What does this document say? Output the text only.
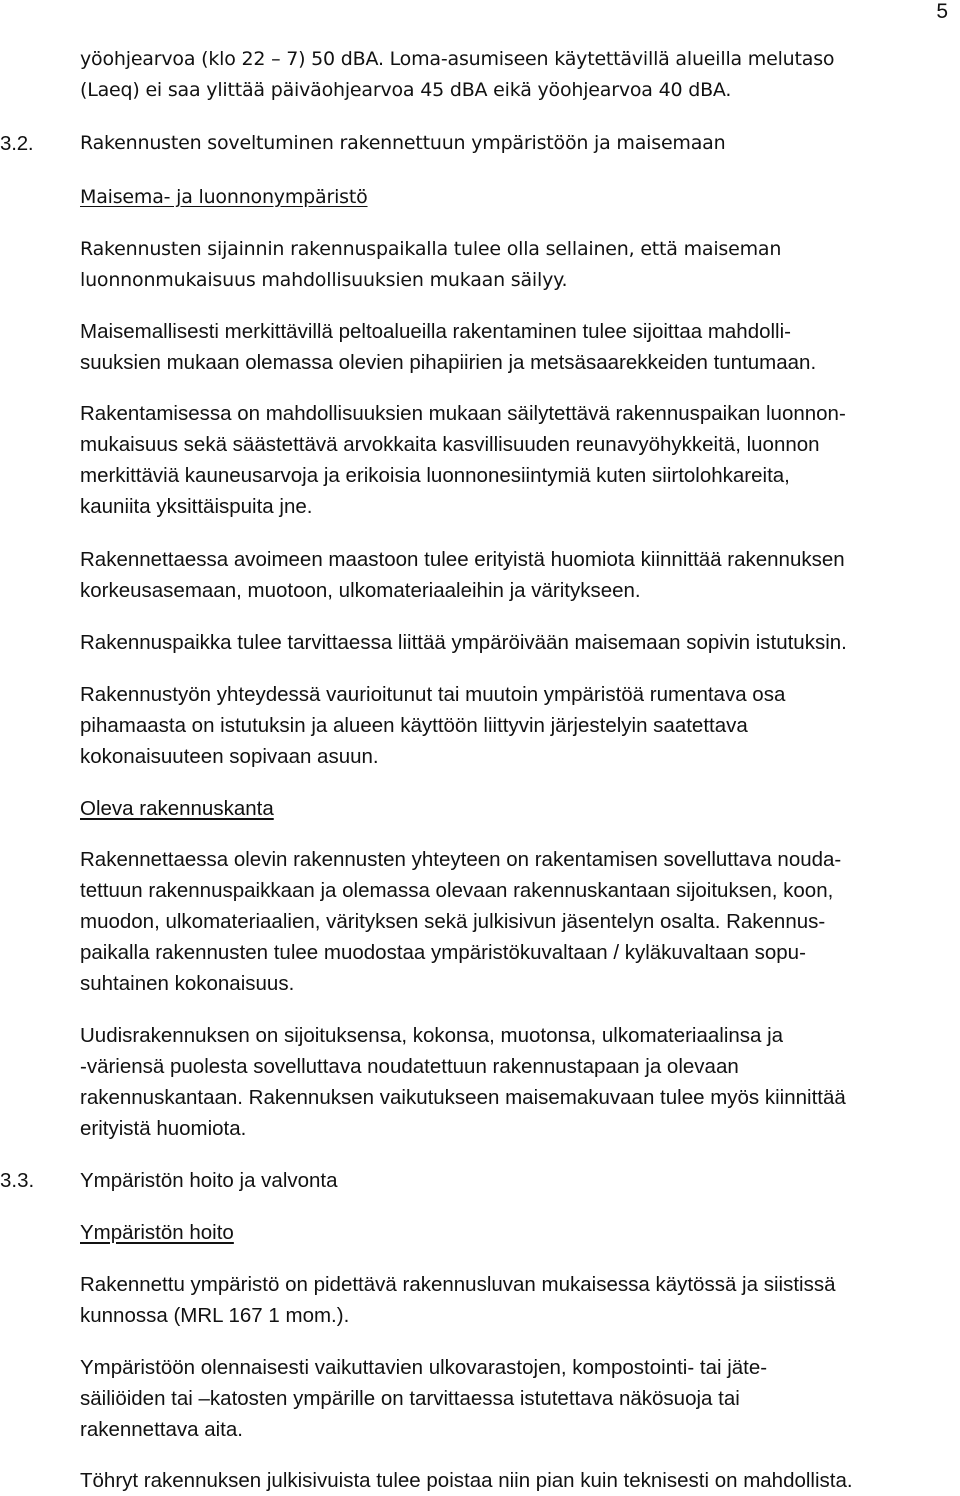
5
yöohjearvoa (klo 22 – 7) 50 dBA. Loma-asumiseen käytettävillä alueilla melutaso
(Laeq) ei saa ylittää päiväohjearvoa 45 dBA eikä yöohjearvoa 40 dBA.
3.2. Rakennusten soveltuminen rakennettuun ympäristöön ja maisemaan
Maisema- ja luonnonympäristö
Rakennusten sijainnin rakennuspaikalla tulee olla sellainen, että maiseman
luonnonmukaisuus mahdollisuuksien mukaan säilyy.
Maisemallisesti merkittävillä peltoalueilla rakentaminen tulee sijoittaa mahdolli-
suuksien mukaan olemassa olevien pihapiirien ja metsäsaarekkeiden tuntumaan.
Rakentamisessa on mahdollisuuksien mukaan säilytettävä rakennuspaikan luonnon-
mukaisuus sekä säästettävä arvokkaita kasvillisuuden reunavyöhykkeitä, luonnon
merkittäviä kauneusarvoja ja erikoisia luonnonesiintymiä kuten siirtolohkareita,
kauniita yksittäispuita jne.
Rakennettaessa avoimeen maastoon tulee erityistä huomiota kiinnittää rakennuksen
korkeusasemaan, muotoon, ulkomateriaaleihin ja väritykseen.
Rakennuspaikka tulee tarvittaessa liittää ympäröivään maisemaan sopivin istutuksin.
Rakennustyön yhteydessä vaurioitunut tai muutoin ympäristöä rumentava osa
pihamaasta on istutuksin ja alueen käyttöön liittyvin järjestelyin saatettava
kokonaisuuteen sopivaan asuun.
Oleva rakennuskanta
Rakennettaessa olevin rakennusten yhteyteen on rakentamisen sovelluttava nouda-
tettuun rakennuspaikkaan ja olemassa olevaan rakennuskantaan sijoituksen, koon,
muodon, ulkomateriaalien, värityksen sekä julkisivun jäsentelyn osalta. Rakennus-
paikalla rakennusten tulee muodostaa ympäristökuvaltaan / kyläkuvaltaan sopu-
suhtainen kokonaisuus.
Uudisrakennuksen on sijoituksensa, kokonsa, muotonsa, ulkomateriaalinsa ja
-väriensä puolesta sovelluttava noudatettuun rakennustapaan ja olevaan
rakennuskantaan. Rakennuksen vaikutukseen maisemakuvaan tulee myös kiinnittää
erityistä huomiota.
3.3. Ympäristön hoito ja valvonta
Ympäristön hoito
Rakennettu ympäristö on pidettävä rakennusluvan mukaisessa käytössä ja siistissä
kunnossa (MRL 167 1 mom.).
Ympäristöön olennaisesti vaikuttavien ulkovarastojen, kompostointi- tai jäte-
säiliöiden tai –katosten ympärille on tarvittaessa istutettava näkösuoja tai
rakennettava aita.
Töhryt rakennuksen julkisivuista tulee poistaa niin pian kuin teknisesti on mahdollista.
